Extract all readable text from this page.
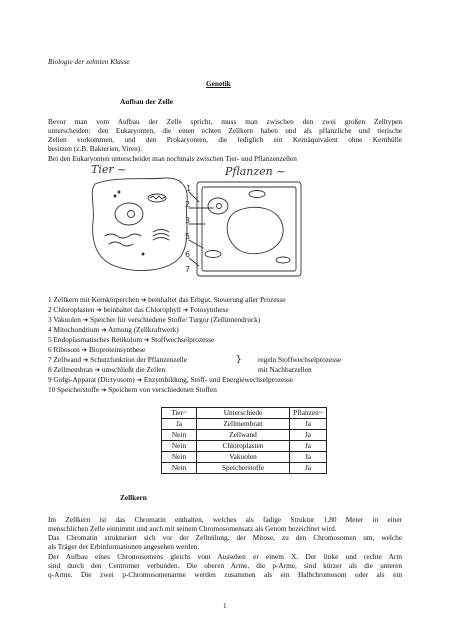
Biologie der zehnten Klasse
Genetik
Aufbau der Zelle
Bevor man vom Aufbau der Zelle spricht, muss man zwischen den zwei großen Zelltypen
unterscheiden: den Eukaryonten, die einen echten Zellkern haben und als pflanzliche und tierische
Zellen vorkommen, und den Prokaryonten, die lediglich ein Kernäquivalent ohne Kernhülle
besitzen (z.B. Bakterien, Viren).
Bei den Eukaryonten unterscheidet man nochmals zwischen Tier- und Pflanzenzellen
Tier ~	Pflanzen ~
1
2
3
5
6
7
1 Zellkern mit Kernkörperchen ➔ beinhaltet das Erbgut, Steuerung aller Prozesse
2 Chloroplasten ➔ beinhaltet das Chlorophyll ➔ Fotosynthese
3 Vakuolen ➔ Speicher für verschiedene Stoffe/ Turgor (Zellinnendruck)
4 Mitochondrium ➔ Atmung (Zellkraftwerk)
5 Endoplasmatisches Retikulum ➔ Stoffwechselprozesse
6 Ribosom ➔ Bioproteinsynthese
7 Zellwand ➔ Schutzfunktion der Pflanzenzelle
8 Zellmembran ➔ umschließt die Zellen
} regeln Stoffwechselprozesse
mit Nachbarzellen
9 Golgi-Apparat (Dictyosom) ➔ Enzymbildung, Stoff- und Energiewechselprozesse
10 Speicherstoffe ➔ Speichern von verschiedenen Stoffen
Tier~	Unterschiede	Pflanzen~
Ja	Zellmembran	Ja
Nein	Zellwand	Ja
Nein	Chloroplasten	Ja
Nein	Vakuolen	Ja
Nein	Speicherstoffe	Ja
Zellkern
Im Zellkern ist das Chromatin enthalten, welches als fadige Struktur 1,80 Meter in einer
menschlichen Zelle einnimmt und auch mit seinem Chromosomensatz als Genom bezeichnet wird.
Das Chromatin strukturiert sich vor der Zellteilung, der Mitose, zu den Chromosomen um, welche
als Träger der Erbinformationen angesehen werden.
Der Aufbau eines Chromosomens gleicht vom Aussehen er einem X. Der linke und rechte Arm
sind durch den Centromer verbunden. Die oberen Arme, die p-Arme, sind kürzer als die unteren
q-Arme. Die zwei p-Chromosomenarme werden zusammen als ein Halbchromosom oder als ein
1
